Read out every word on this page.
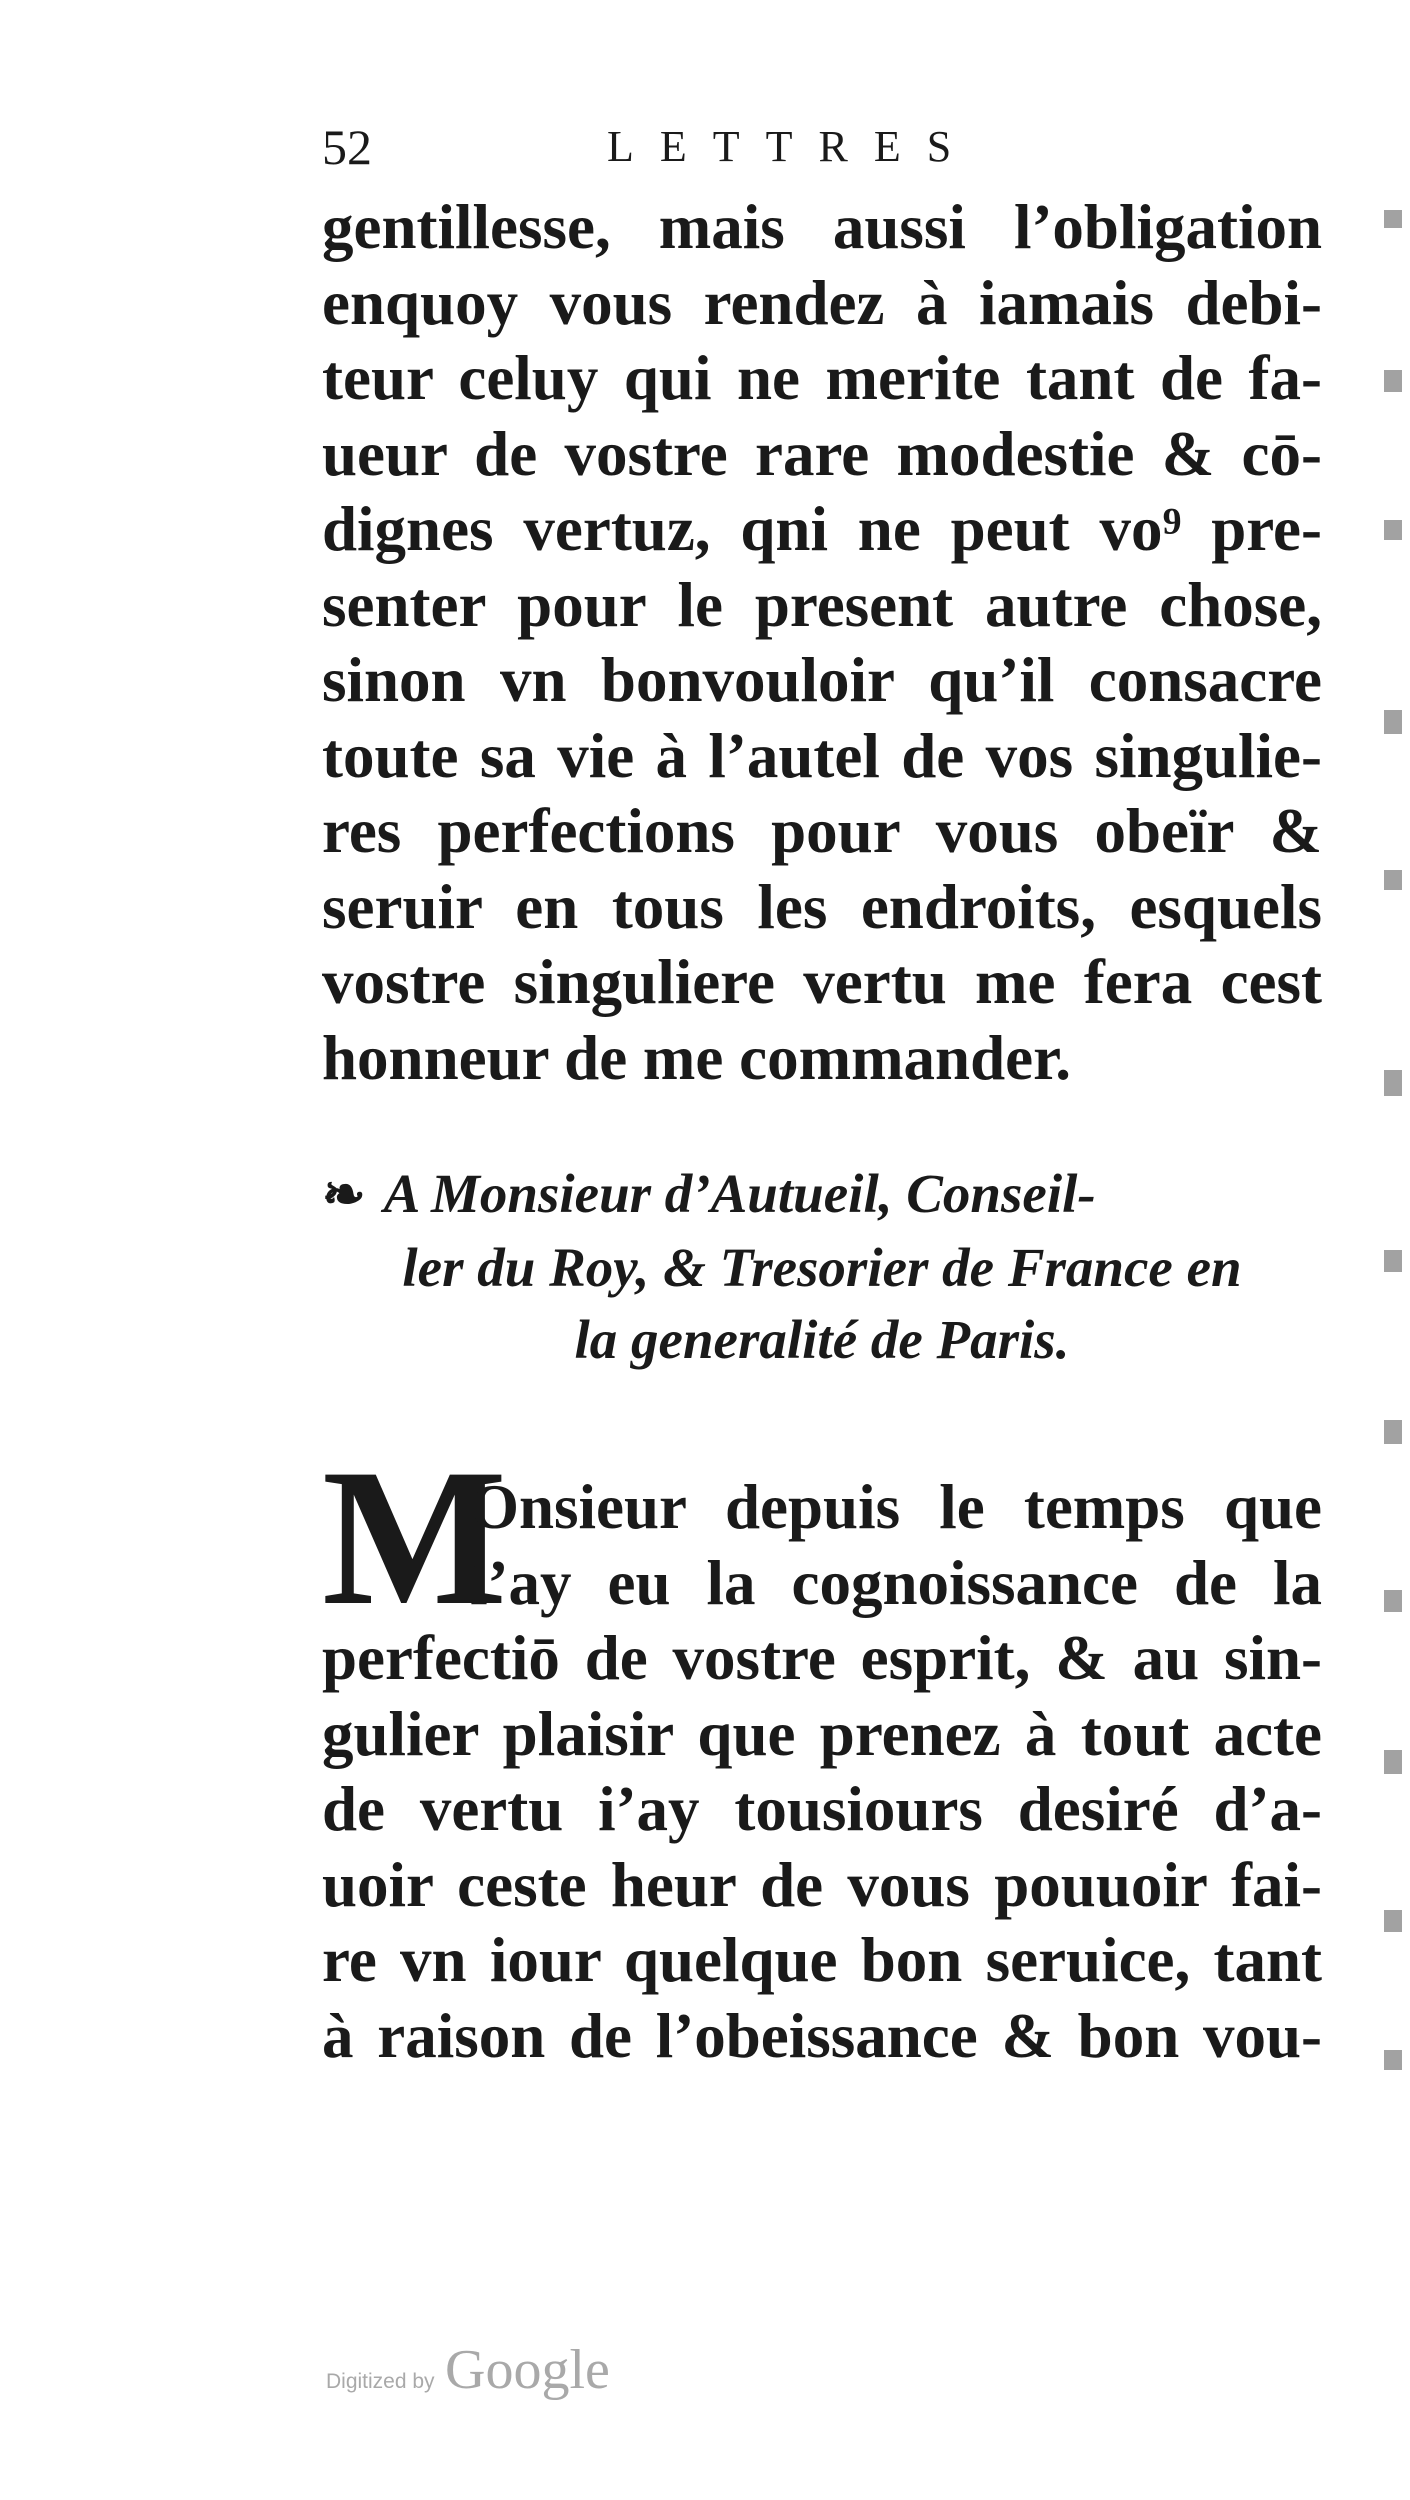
52	LETTRES
gentillesse, mais aussi l’obligation
enquoy vous rendez à iamais debi-
teur celuy qui ne merite tant de fa-
ueur de vostre rare modestie & cō-
dignes vertuz, qni ne peut vo⁹ pre-
senter pour le present autre chose,
sinon vn bonvouloir qu’il consacre
toute sa vie à l’autel de vos singulie-
res perfections pour vous obeïr &
seruir en tous les endroits, esquels
vostre singuliere vertu me fera cest
honneur de me commander.
❧ A Monsieur d’Autueil, Conseil-
ler du Roy, & Tresorier de France en
la generalité de Paris.
M
Onsieur depuis le temps que
i’ay eu la cognoissance de la
perfectiō de vostre esprit, & au sin-
gulier plaisir que prenez à tout acte
de vertu i’ay tousiours desiré d’a-
uoir ceste heur de vous pouuoir fai-
re vn iour quelque bon seruice, tant
à raison de l’obeissance & bon vou-
Digitized by Google
